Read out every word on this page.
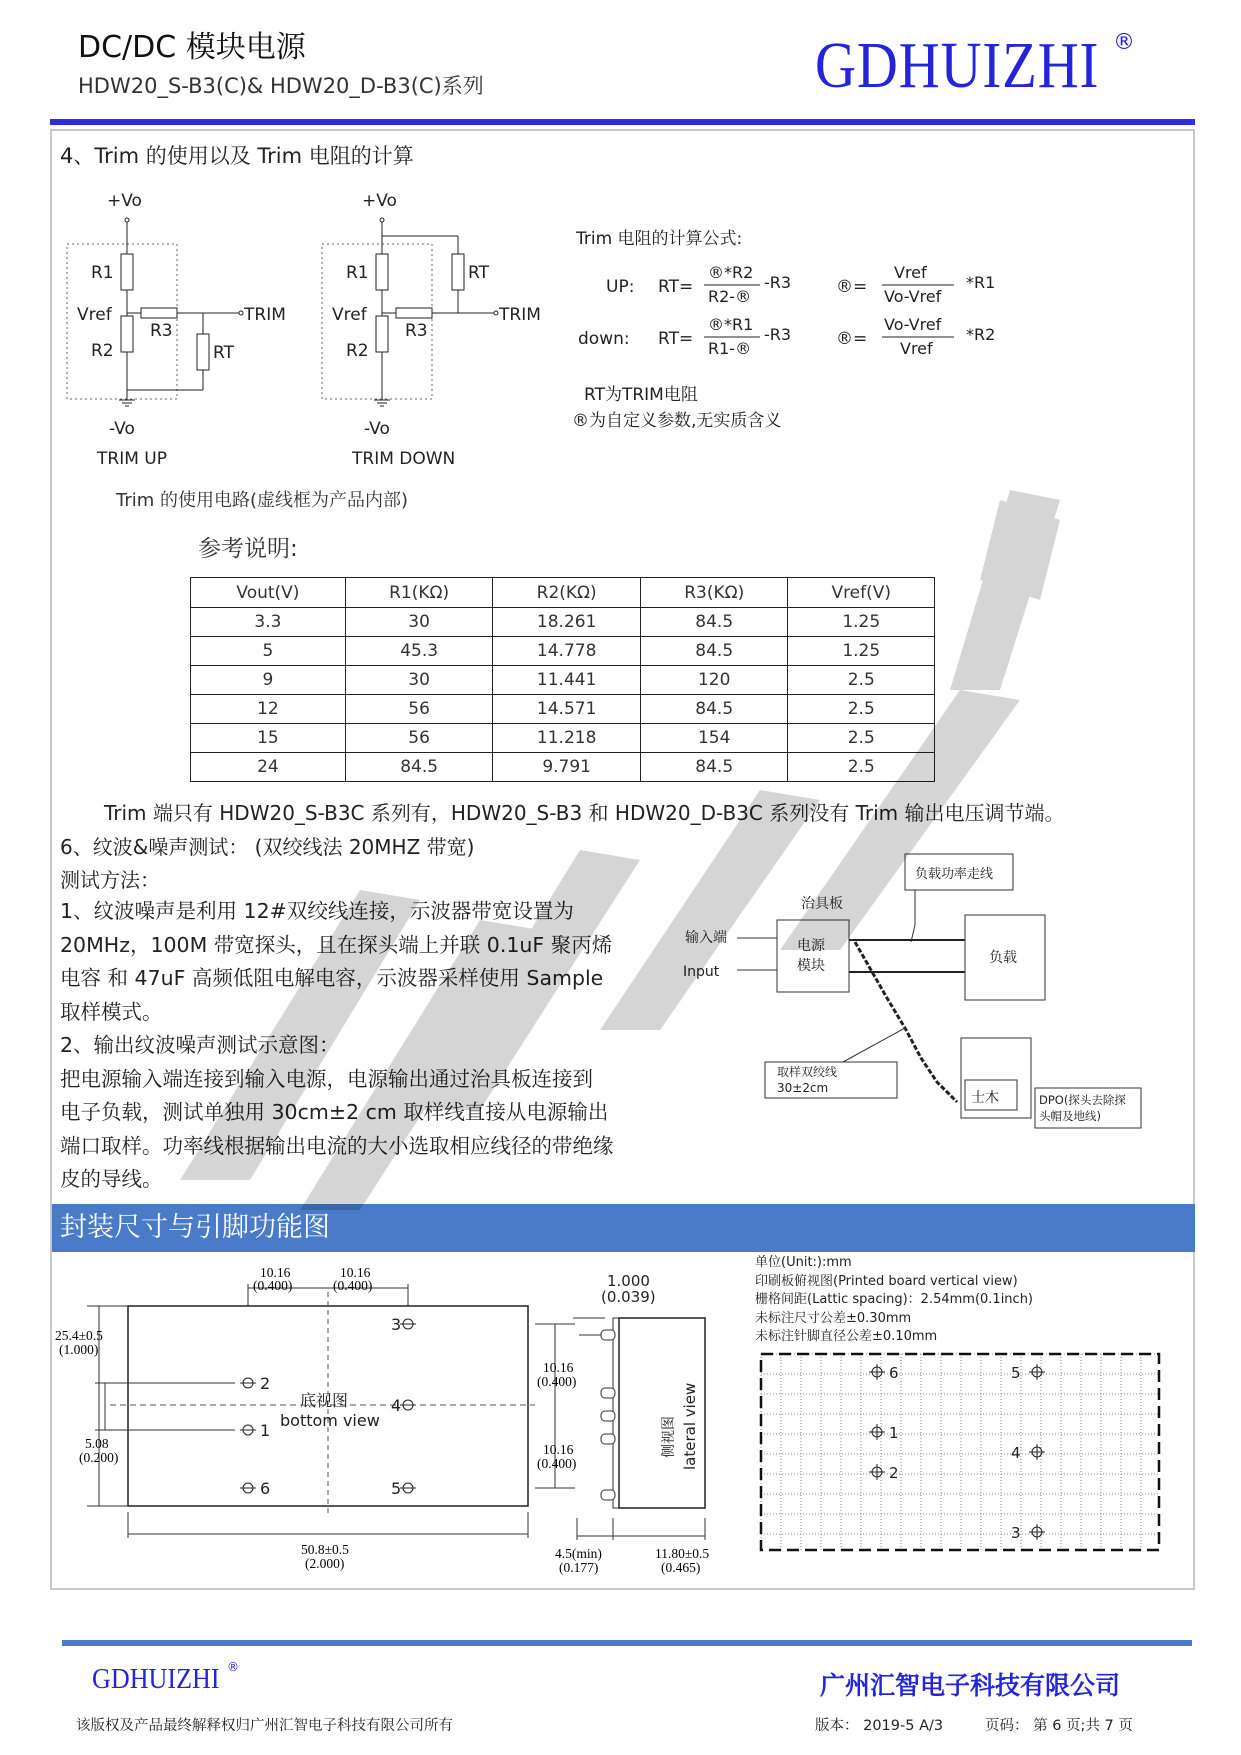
DC/DC 模块电源
HDW20_S-B3(C)& HDW20_D-B3(C)系列	GDHUIZHI ®
4、Trim 的使用以及 Trim 电阻的计算
+Vo
R1
Vref
R3
TRIM
R2	RT
-Vo
TRIM UP
+Vo
R1	RT
Vref
R3
TRIM
R2
-Vo
TRIM DOWN
Trim 的使用电路(虚线框为产品内部)
Trim 电阻的计算公式:
UP: RT=
®*R2
R2-®
-R3	®=
Vref
Vo-Vref
*R1
down: RT=
®*R1
R1-®
-R3	®=
Vo-Vref
Vref
*R2
RT为TRIM电阻
®为自定义参数,无实质含义
参考说明:
Vout(V)	R1(KΩ)	R2(KΩ)	R3(KΩ)	Vref(V)
3.3	30	18.261	84.5	1.25
5	45.3	14.778	84.5	1.25
9	30	11.441	120	2.5
12	56	14.571	84.5	2.5
15	56	11.218	154	2.5
24	84.5	9.791	84.5	2.5
Trim 端只有 HDW20_S-B3C 系列有，HDW20_S-B3 和 HDW20_D-B3C 系列没有 Trim 输出电压调节端。
6、纹波&噪声测试： (双绞线法 20MHZ 带宽)
测试方法：
1、纹波噪声是利用 12#双绞线连接，示波器带宽设置为
20MHz，100M 带宽探头，且在探头端上并联 0.1uF 聚丙烯
电容 和 47uF 高频低阻电解电容，示波器采样使用 Sample
取样模式。
2、输出纹波噪声测试示意图：
把电源输入端连接到输入电源，电源输出通过治具板连接到
电子负载，测试单独用 30cm±2 cm 取样线直接从电源输出
端口取样。功率线根据输出电流的大小选取相应线径的带绝缘
皮的导线。
负载功率走线
治具板
输入端
Input
电源
模块	负载
取样双绞线
30±2cm
士木	DPO(探头去除探
头帽及地线)
封装尺寸与引脚功能图
10.16
(0.400)
10.16
(0.400)
25.4±0.5
(1.000)
5.08
(0.200)
10.16
(0.400)
10.16
(0.400)
50.8±0.5
(2.000)
底视图
bottom view
3
2
4
1
6	5
1.000
(0.039)
侧视图 lateral view
4.5(min)
(0.177)
11.80±0.5
(0.465)
单位(Unit:):mm
印刷板俯视图(Printed board vertical view)
栅格间距(Lattic spacing)：2.54mm(0.1inch)
未标注尺寸公差±0.30mm
未标注针脚直径公差±0.10mm
6	5
1
4
2
3
GDHUIZHI ®
广州汇智电子科技有限公司
该版权及产品最终解释权归广州汇智电子科技有限公司所有	版本： 2019-5 A/3	页码： 第 6 页;共 7 页
